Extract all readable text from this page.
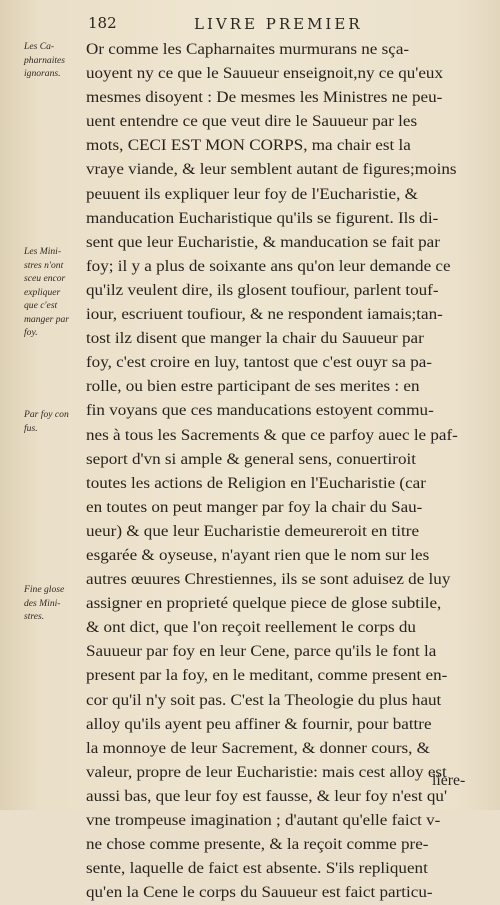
182	LIVRE PREMIER
Les Ca-
pharnaites
ignorans.
Les Mini-
stres n'ont
sceu encor
expliquer
que c'est
manger par
foy.
Par foy con
fus.
Fine glose
des Mini-
stres.
Or comme les Capharnaites murmurans ne sça-
uoyent ny ce que le Sauueur enseignoit,ny ce qu'eux
mesmes disoyent : De mesmes les Ministres ne peu-
uent entendre ce que veut dire le Sauueur par les
mots, CECI EST MON CORPS, ma chair est la
vraye viande, & leur semblent autant de figures;moins
peuuent ils expliquer leur foy de l'Eucharistie, &
manducation Eucharistique qu'ils se figurent. Ils di-
sent que leur Eucharistie, & manducation se fait par
foy; il y a plus de soixante ans qu'on leur demande ce
qu'ilz veulent dire, ils glosent toufiour, parlent touf-
iour, escriuent toufiour, & ne respondent iamais;tan-
tost ilz disent que manger la chair du Sauueur par
foy, c'est croire en luy, tantost que c'est ouyr sa pa-
rolle, ou bien estre participant de ses merites : en
fin voyans que ces manducations estoyent commu-
nes à tous les Sacrements & que ce parfoy auec le paf-
seport d'vn si ample & general sens, conuertiroit
toutes les actions de Religion en l'Eucharistie (car
en toutes on peut manger par foy la chair du Sau-
ueur) & que leur Eucharistie demeureroit en titre
esgarée & oyseuse, n'ayant rien que le nom sur les
autres œuures Chrestiennes, ils se sont aduisez de luy
assigner en proprieté quelque piece de glose subtile,
& ont dict, que l'on reçoit reellement le corps du
Sauueur par foy en leur Cene, parce qu'ils le font la
present par la foy, en le meditant, comme present en-
cor qu'il n'y soit pas. C'est la Theologie du plus haut
alloy qu'ils ayent peu affiner & fournir, pour battre
la monnoye de leur Sacrement, & donner cours, &
valeur, propre de leur Eucharistie: mais cest alloy est
aussi bas, que leur foy est fausse, & leur foy n'est qu'
vne trompeuse imagination ; d'autant qu'elle faict v-
ne chose comme presente, & la reçoit comme pre-
sente, laquelle de faict est absente. S'ils repliquent
qu'en la Cene le corps du Sauueur est faict particu-
liere-
